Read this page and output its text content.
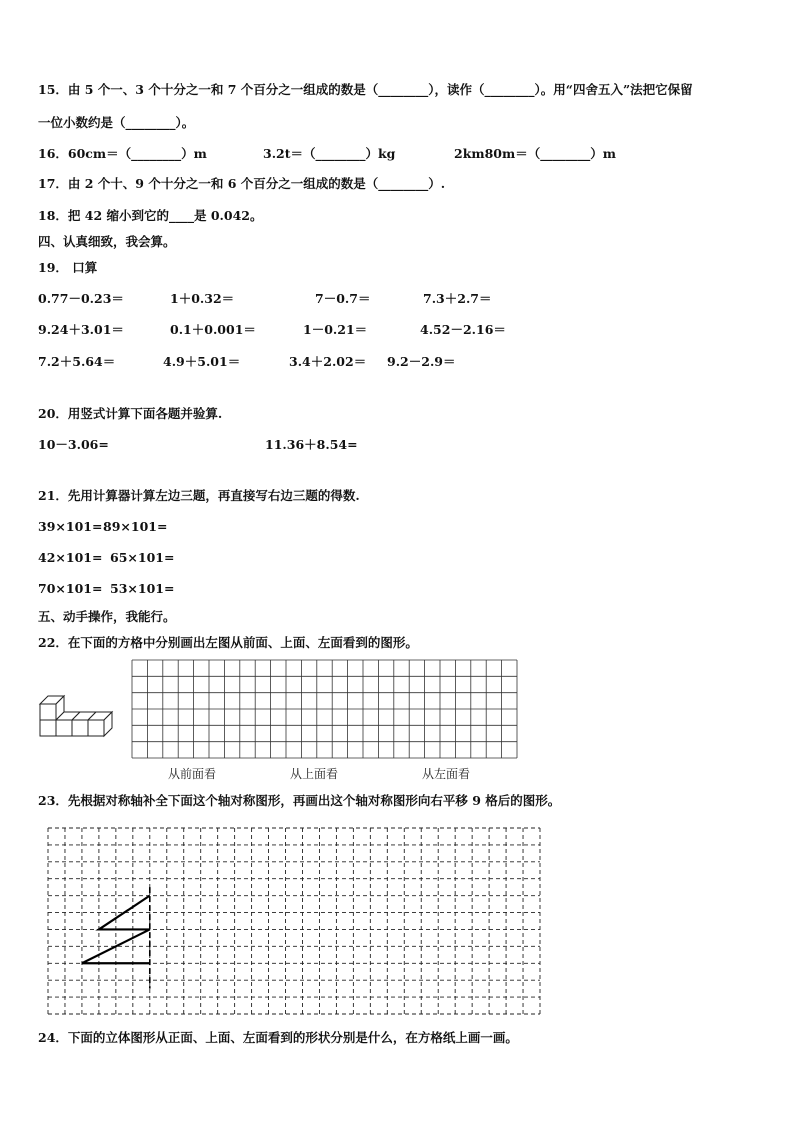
15．由 5 个一、3 个十分之一和 7 个百分之一组成的数是（________），读作（________）。用“四舍五入”法把它保留
一位小数约是（________）。
16．60cm＝（________）m	3.2t＝（________）kg	2km80m＝（________）m
17．由 2 个十、9 个十分之一和 6 个百分之一组成的数是（________）.
18．把 42 缩小到它的____是 0.042。
四、认真细致，我会算。
19． 口算
0.77－0.23＝	1＋0.32＝	7－0.7＝	7.3＋2.7＝
9.24＋3.01＝	0.1＋0.001＝	1－0.21＝	4.52－2.16＝
7.2＋5.64＝	4.9＋5.01＝	3.4＋2.02＝ 9.2－2.9＝
20．用竖式计算下面各题并验算.
10－3.06=	11.36＋8.54=
21．先用计算器计算左边三题，再直接写右边三题的得数.
39×101= 89×101=
42×101= 65×101=
70×101= 53×101=
五、动手操作，我能行。
22．在下面的方格中分别画出左图从前面、上面、左面看到的图形。
从前面看	从上面看	从左面看
23．先根据对称轴补全下面这个轴对称图形，再画出这个轴对称图形向右平移 9 格后的图形。
24．下面的立体图形从正面、上面、左面看到的形状分别是什么，在方格纸上画一画。
